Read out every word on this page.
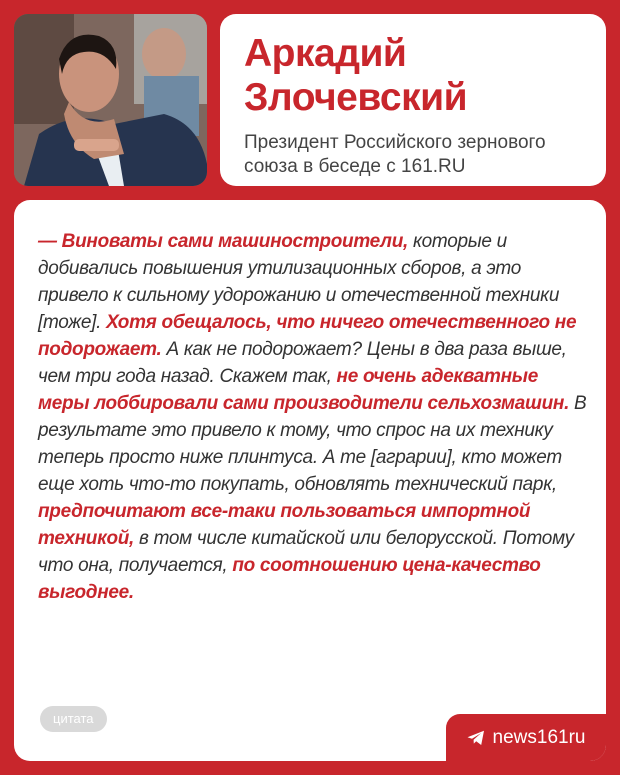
Аркадий
Злочевский

Президент Российского зернового союза в беседе с 161.RU

— Виноваты сами машиностроители, которые и добивались повышения утилизационных сборов, а это привело к сильному удорожанию и отечественной техники [тоже]. Хотя обещалось, что ничего отечественного не подорожает. А как не подорожает? Цены в два раза выше, чем три года назад. Скажем так, не очень адекватные меры лоббировали сами производители сельхозмашин. В результате это привело к тому, что спрос на их технику теперь просто ниже плинтуса. А те [аграрии], кто может еще хоть что-то покупать, обновлять технический парк, предпочитают все-таки пользоваться импортной техникой, в том числе китайской или белорусской. Потому что она, получается, по соотношению цена-качество выгоднее.

цитата
news161ru
